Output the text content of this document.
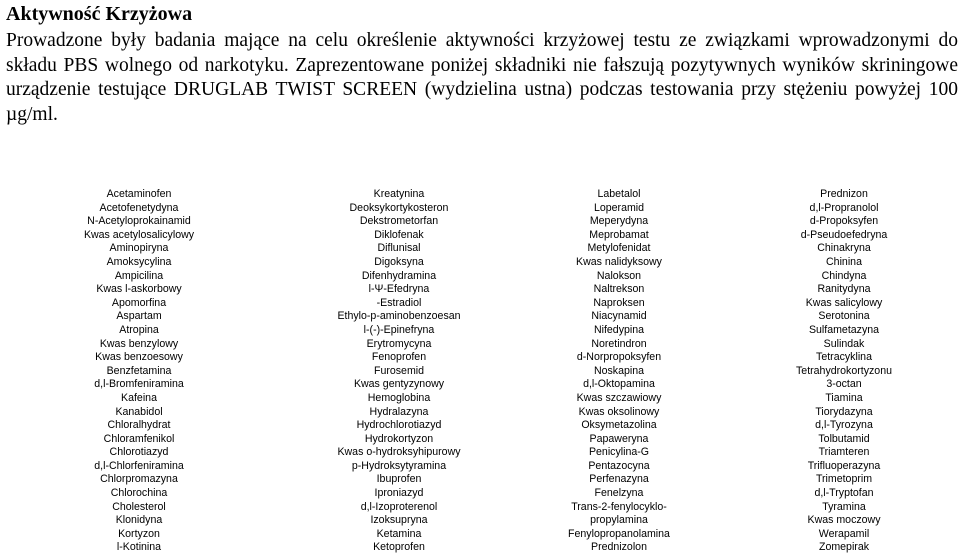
Aktywność Krzyżowa

Prowadzone były badania mające na celu określenie aktywności krzyżowej testu ze związkami wprowadzonymi do składu PBS wolnego od narkotyku. Zaprezentowane poniżej składniki nie fałszują pozytywnych wyników skriningowe urządzenie testujące DRUGLAB TWIST SCREEN (wydzielina ustna) podczas testowania przy stężeniu powyżej 100 µg/ml.

Acetaminofen
Acetofenetydyna
N-Acetyloprokainamid
Kwas acetylosalicylowy
Aminopiryna
Amoksycylina
Ampicilina
Kwas l-askorbowy
Apomorfina
Aspartam
Atropina
Kwas benzylowy
Kwas benzoesowy
Benzfetamina
d,l-Bromfeniramina
Kafeina
Kanabidol
Chloralhydrat
Chloramfenikol
Chlorotiazyd
d,l-Chlorfeniramina
Chlorpromazyna
Chlorochina
Cholesterol
Klonidyna
Kortyzon
l-Kotinina
Kreatynina
Deoksykortykosteron
Dekstrometorfan
Diklofenak
Diflunisal
Digoksyna
Difenhydramina
l-Ψ-Efedryna
-Estradiol
Ethylo-p-aminobenzoesan
l-(-)-Epinefryna
Erytromycyna
Fenoprofen
Furosemid
Kwas gentyzynowy
Hemoglobina
Hydralazyna
Hydrochlorotiazyd
Hydrokortyzon
Kwas o-hydroksyhipurowy
p-Hydroksytyramina
Ibuprofen
Iproniazyd
d,l-Izoproterenol
Izoksupryna
Ketamina
Ketoprofen
Labetalol
Loperamid
Meperydyna
Meprobamat
Metylofenidat
Kwas nalidyksowy
Nalokson
Naltrekson
Naproksen
Niacynamid
Nifedypina
Noretindron
d-Norpropoksyfen
Noskapina
d,l-Oktopamina
Kwas szczawiowy
Kwas oksolinowy
Oksymetazolina
Papaweryna
Penicylina-G
Pentazocyna
Perfenazyna
Fenelzyna
Trans-2-fenylocyklo-
propylamina
Fenylopropanolamina
Prednizolon
Prednizon
d,l-Propranolol
d-Propoksyfen
d-Pseudoefedryna
Chinakryna
Chinina
Chindyna
Ranitydyna
Kwas salicylowy
Serotonina
Sulfametazyna
Sulindak
Tetracyklina
Tetrahydrokortyzonu
3-octan
Tiamina
Tiorydazyna
d,l-Tyrozyna
Tolbutamid
Triamteren
Trifluoperazyna
Trimetoprim
d,l-Tryptofan
Tyramina
Kwas moczowy
Werapamil
Zomepirak
